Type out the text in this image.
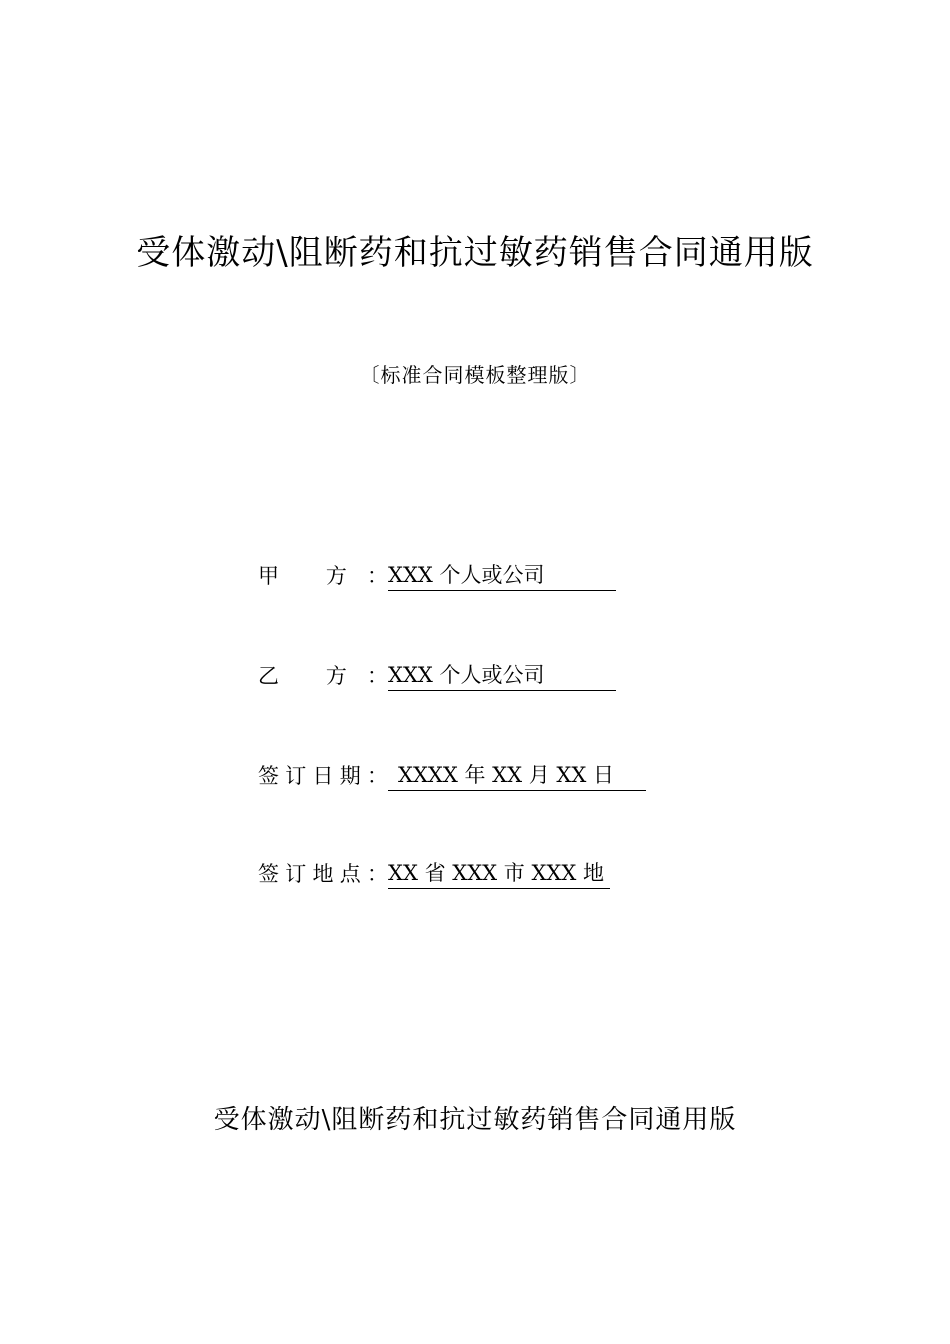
受体激动\阻断药和抗过敏药销售合同通用版
〔标准合同模板整理版〕
甲 方：XXX 个人或公司
乙 方：XXX 个人或公司
签订日期： XXXX 年 XX 月 XX 日
签订地点：XX 省 XXX 市 XXX 地
受体激动\阻断药和抗过敏药销售合同通用版
